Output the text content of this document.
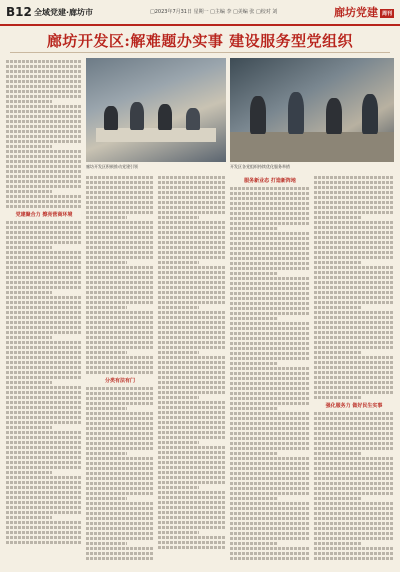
B12 全域党建·廊坊市	□2023年7月31日 星期一 □主编 李 □美编 张 □校对 刘	廊坊党建 周刊
廊坊开发区:解难题办实事 建设服务型党组织
廊坊开发区积极推动党建引领	开发区各党组织持续优化服务举措
党建聚合力 擦亮营商环境
分类有法有门
服务新业态 打造新阵地
强化服务力 做好民生实事
